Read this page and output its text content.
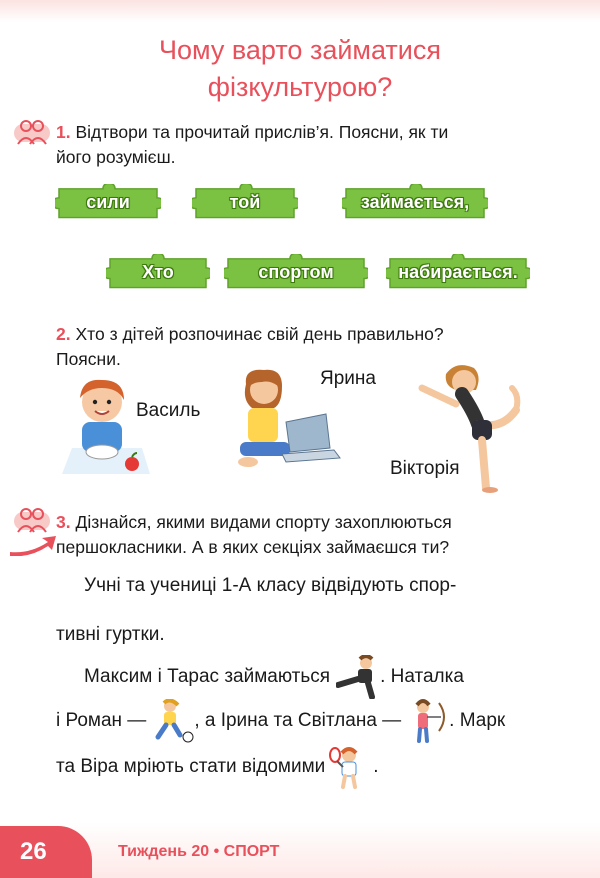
Чому варто займатися
фізкультурою?
1. Відтвори та прочитай прислів’я. Поясни, як ти
його розумієш.
сили	той	займається,
Хто	спортом	набирається.
2. Хто з дітей розпочинає свій день правильно?
Поясни.
Василь
Ярина
Вікторія
3. Дізнайся, якими видами спорту захоплюються
першокласники. А в яких секціях займаєшся ти?
Учні та учениці 1-А класу відвідують спор-
тивні гуртки.
Максим і Тарас займаються	. Наталка
і Роман —	, а Ірина та Світлана —	. Марк
та Віра мріють стати відомими	.
26	Тиждень 20 • СПОРТ
